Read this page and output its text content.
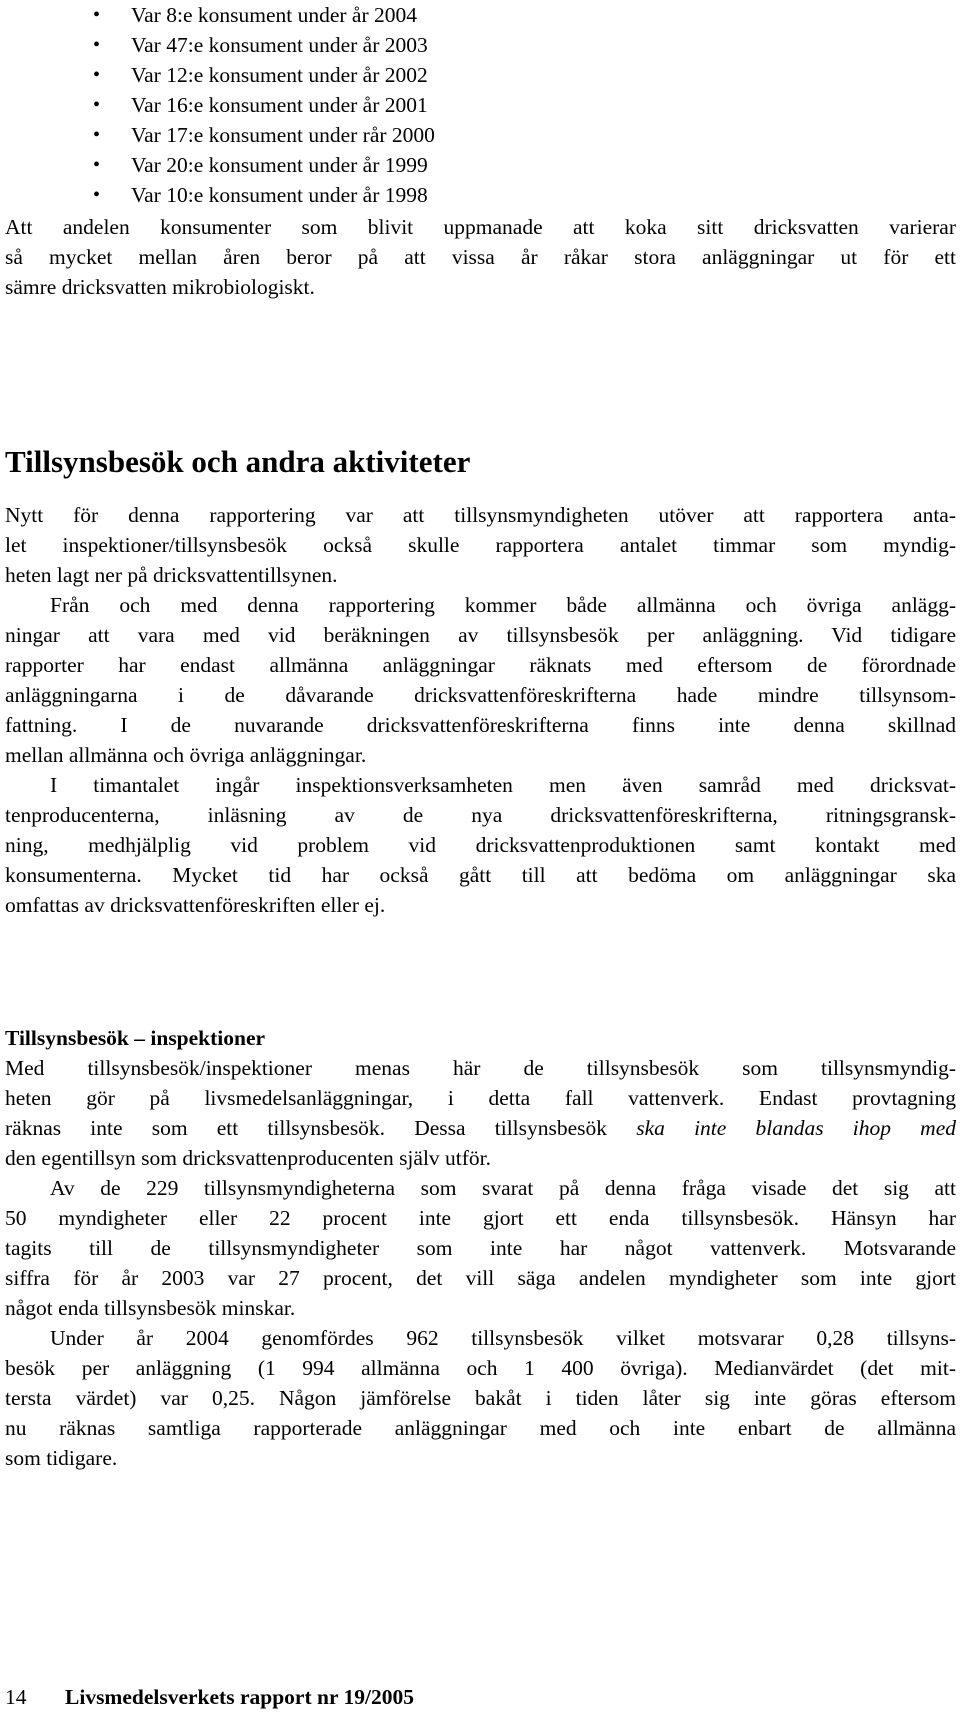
•	Var 8:e konsument under år 2004
•	Var 47:e konsument under år 2003
•	Var 12:e konsument under år 2002
•	Var 16:e konsument under år 2001
•	Var 17:e konsument under rår 2000
•	Var 20:e konsument under år 1999
•	Var 10:e konsument under år 1998
Att andelen konsumenter som blivit uppmanade att koka sitt dricksvatten varierar
så mycket mellan åren beror på att vissa år råkar stora anläggningar ut för ett
sämre dricksvatten mikrobiologiskt.
Tillsynsbesök och andra aktiviteter
Nytt för denna rapportering var att tillsynsmyndigheten utöver att rapportera anta-
let inspektioner/tillsynsbesök också skulle rapportera antalet timmar som myndig-
heten lagt ner på dricksvattentillsynen.
Från och med denna rapportering kommer både allmänna och övriga anlägg-
ningar att vara med vid beräkningen av tillsynsbesök per anläggning. Vid tidigare
rapporter har endast allmänna anläggningar räknats med eftersom de förordnade
anläggningarna i de dåvarande dricksvattenföreskrifterna hade mindre tillsynsom-
fattning. I de nuvarande dricksvattenföreskrifterna finns inte denna skillnad
mellan allmänna och övriga anläggningar.
I timantalet ingår inspektionsverksamheten men även samråd med dricksvat-
tenproducenterna, inläsning av de nya dricksvattenföreskrifterna, ritningsgransk-
ning, medhjälplig vid problem vid dricksvattenproduktionen samt kontakt med
konsumenterna. Mycket tid har också gått till att bedöma om anläggningar ska
omfattas av dricksvattenföreskriften eller ej.
Tillsynsbesök – inspektioner
Med tillsynsbesök/inspektioner menas här de tillsynsbesök som tillsynsmyndig-
heten gör på livsmedelsanläggningar, i detta fall vattenverk. Endast provtagning
räknas inte som ett tillsynsbesök. Dessa tillsynsbesök ska inte blandas ihop med
den egentillsyn som dricksvattenproducenten själv utför.
Av de 229 tillsynsmyndigheterna som svarat på denna fråga visade det sig att
50 myndigheter eller 22 procent inte gjort ett enda tillsynsbesök. Hänsyn har
tagits till de tillsynsmyndigheter som inte har något vattenverk. Motsvarande
siffra för år 2003 var 27 procent, det vill säga andelen myndigheter som inte gjort
något enda tillsynsbesök minskar.
Under år 2004 genomfördes 962 tillsynsbesök vilket motsvarar 0,28 tillsyns-
besök per anläggning (1 994 allmänna och 1 400 övriga). Medianvärdet (det mit-
tersta värdet) var 0,25. Någon jämförelse bakåt i tiden låter sig inte göras eftersom
nu räknas samtliga rapporterade anläggningar med och inte enbart de allmänna
som tidigare.
14 Livsmedelsverkets rapport nr 19/2005
